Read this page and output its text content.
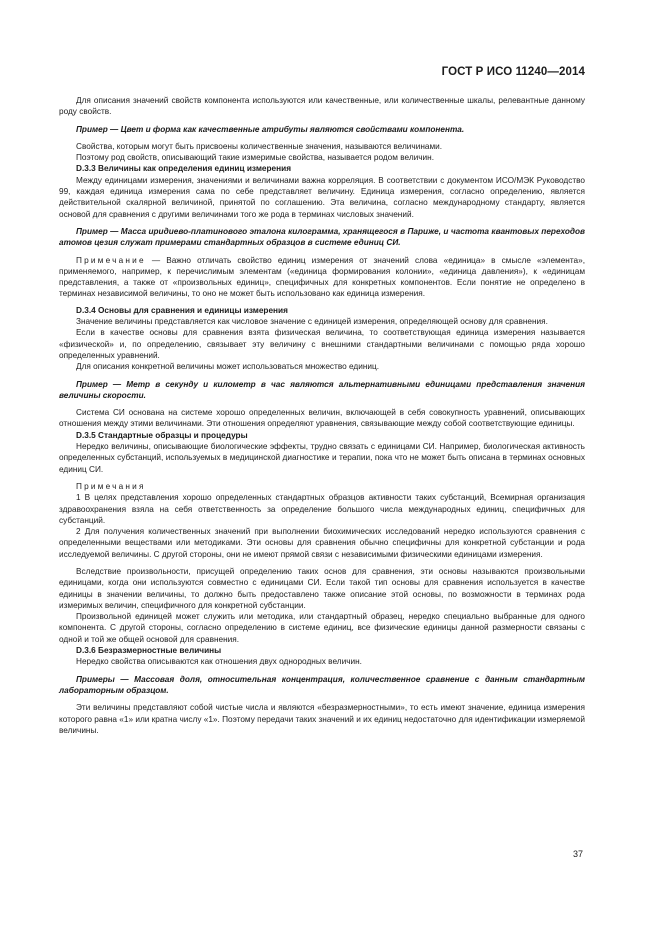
ГОСТ Р ИСО 11240—2014

Для описания значений свойств компонента используются или качественные, или количественные шкалы, релевантные данному роду свойств.

Пример — Цвет и форма как качественные атрибуты являются свойствами компонента.

Свойства, которым могут быть присвоены количественные значения, называются величинами.

Поэтому род свойств, описывающий такие измеримые свойства, называется родом величин.

D.3.3 Величины как определения единиц измерения

Между единицами измерения, значениями и величинами важна корреляция. В соответствии с документом ИСО/МЭК Руководство 99, каждая единица измерения сама по себе представляет величину. Единица измерения, согласно определению, является действительной скалярной величиной, принятой по соглашению. Эта величина, согласно международному стандарту, является основой для сравнения с другими величинами того же рода в терминах числовых значений.

Пример — Масса иридиево-платинового эталона килограмма, хранящегося в Париже, и частота квантовых переходов атомов цезия служат примерами стандартных образцов в системе единиц СИ.

Примечание — Важно отличать свойство единиц измерения от значений слова «единица» в смысле «элемента», применяемого, например, к перечислимым элементам («единица формирования колонии», «единица давления»), к «единицам представления, а также от «произвольных единиц», специфичных для конкретных компонентов. Если понятие не определено в терминах независимой величины, то оно не может быть использовано как единица измерения.

D.3.4 Основы для сравнения и единицы измерения

Значение величины представляется как числовое значение с единицей измерения, определяющей основу для сравнения.

Если в качестве основы для сравнения взята физическая величина, то соответствующая единица измерения называется «физической» и, по определению, связывает эту величину с внешними стандартными величинами с помощью ряда хорошо определенных уравнений.

Для описания конкретной величины может использоваться множество единиц.

Пример — Метр в секунду и километр в час являются альтернативными единицами представления значения величины скорости.

Система СИ основана на системе хорошо определенных величин, включающей в себя совокупность уравнений, описывающих отношения между этими величинами. Эти отношения определяют уравнения, связывающие между собой соответствующие единицы.

D.3.5 Стандартные образцы и процедуры

Нередко величины, описывающие биологические эффекты, трудно связать с единицами СИ. Например, биологическая активность определенных субстанций, используемых в медицинской диагностике и терапии, пока что не может быть описана в терминах основных единиц СИ.

Примечания

1 В целях представления хорошо определенных стандартных образцов активности таких субстанций, Всемирная организация здравоохранения взяла на себя ответственность за определение большого числа международных единиц, специфичных для субстанций.

2 Для получения количественных значений при выполнении биохимических исследований нередко используются сравнения с определенными веществами или методиками. Эти основы для сравнения обычно специфичны для конкретной субстанции и рода исследуемой величины. С другой стороны, они не имеют прямой связи с независимыми физическими единицами измерения.

Вследствие произвольности, присущей определению таких основ для сравнения, эти основы называются произвольными единицами, когда они используются совместно с единицами СИ. Если такой тип основы для сравнения используется в качестве единицы в значении величины, то должно быть предоставлено также описание этой основы, по возможности в терминах рода измеримых величин, специфичного для конкретной субстанции.

Произвольной единицей может служить или методика, или стандартный образец, нередко специально выбранные для одного компонента. С другой стороны, согласно определению в системе единиц, все физические единицы данной размерности связаны с одной и той же общей основой для сравнения.

D.3.6 Безразмерностные величины

Нередко свойства описываются как отношения двух однородных величин.

Примеры — Массовая доля, относительная концентрация, количественное сравнение с данным стандартным лабораторным образцом.

Эти величины представляют собой чистые числа и являются «безразмерностными», то есть имеют значение, единица измерения которого равна «1» или кратна числу «1». Поэтому передачи таких значений и их единиц недостаточно для идентификации измеряемой величины.

37
